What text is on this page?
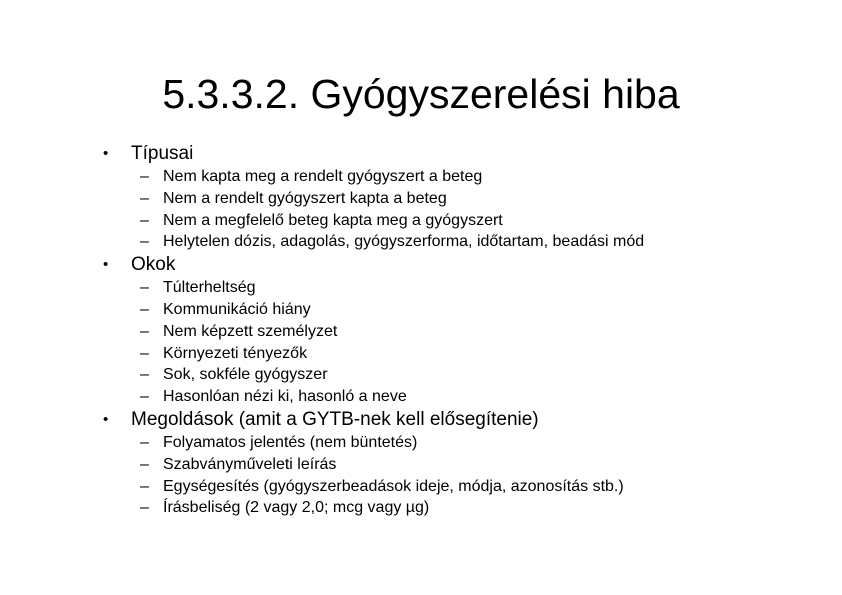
5.3.3.2. Gyógyszerelési hiba
• Típusai
– Nem kapta meg a rendelt gyógyszert a beteg
– Nem a rendelt gyógyszert kapta a beteg
– Nem a megfelelő beteg kapta meg a gyógyszert
– Helytelen dózis, adagolás, gyógyszerforma, időtartam, beadási mód
• Okok
– Túlterheltség
– Kommunikáció hiány
– Nem képzett személyzet
– Környezeti tényezők
– Sok, sokféle gyógyszer
– Hasonlóan nézi ki, hasonló a neve
• Megoldások (amit a GYTB-nek kell elősegítenie)
– Folyamatos jelentés (nem büntetés)
– Szabványműveleti leírás
– Egységesítés (gyógyszerbeadások ideje, módja, azonosítás stb.)
– Írásbeliség (2 vagy 2,0; mcg vagy µg)
